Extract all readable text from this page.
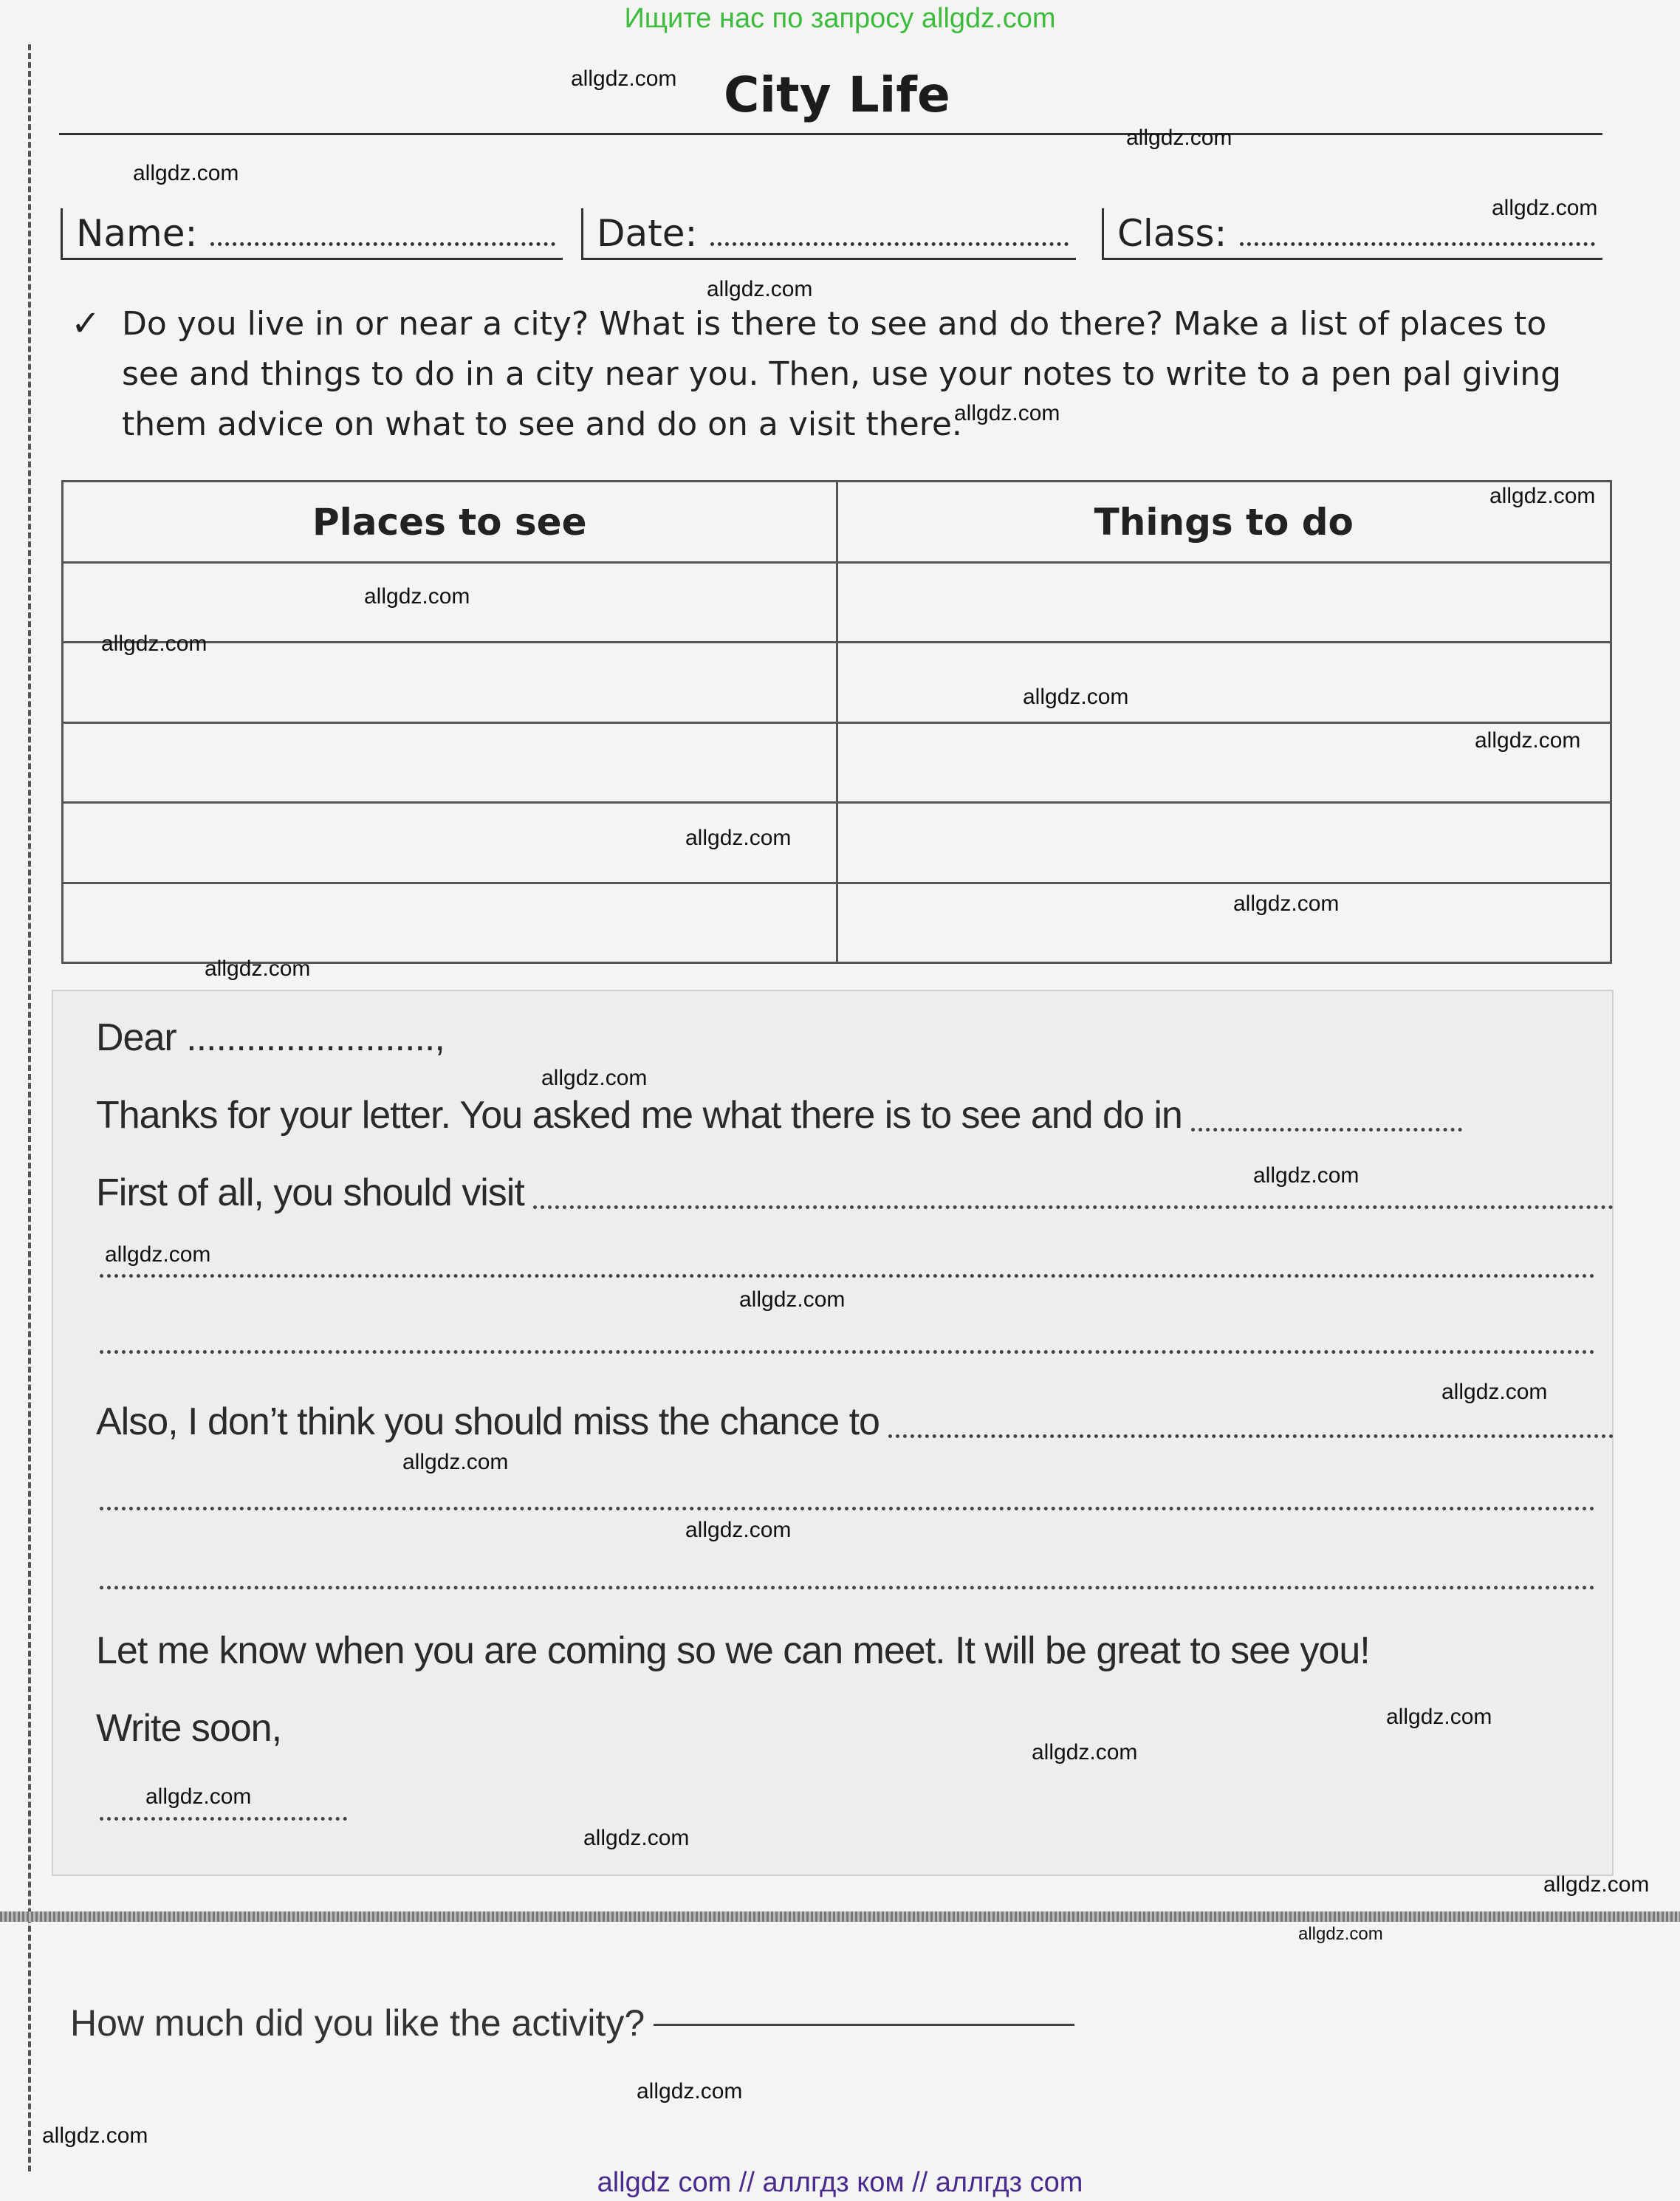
Ищите нас по запросу allgdz.com
City Life
Name:	Date:	Class:
✓ Do you live in or near a city? What is there to see and do there? Make a list of places to see and things to do in a city near you. Then, use your notes to write to a pen pal giving them advice on what to see and do on a visit there.
Places to see	Things to do

Dear .........................,
Thanks for your letter. You asked me what there is to see and do in
First of all, you should visit
Also, I don’t think you should miss the chance to
Let me know when you are coming so we can meet. It will be great to see you!
Write soon,
How much did you like the activity?
allgdz.com
allgdz.com
allgdz.com
allgdz.com
allgdz.com
allgdz.com
allgdz.com
allgdz.com
allgdz.com
allgdz.com
allgdz.com
allgdz.com
allgdz.com
allgdz.com
allgdz.com
allgdz.com
allgdz.com
allgdz.com
allgdz.com
allgdz.com
allgdz.com
allgdz.com
allgdz.com
allgdz.com
allgdz.com
allgdz.com
allgdz.com
allgdz.com
allgdz.com
allgdz com // аллгдз ком // аллгдз com
